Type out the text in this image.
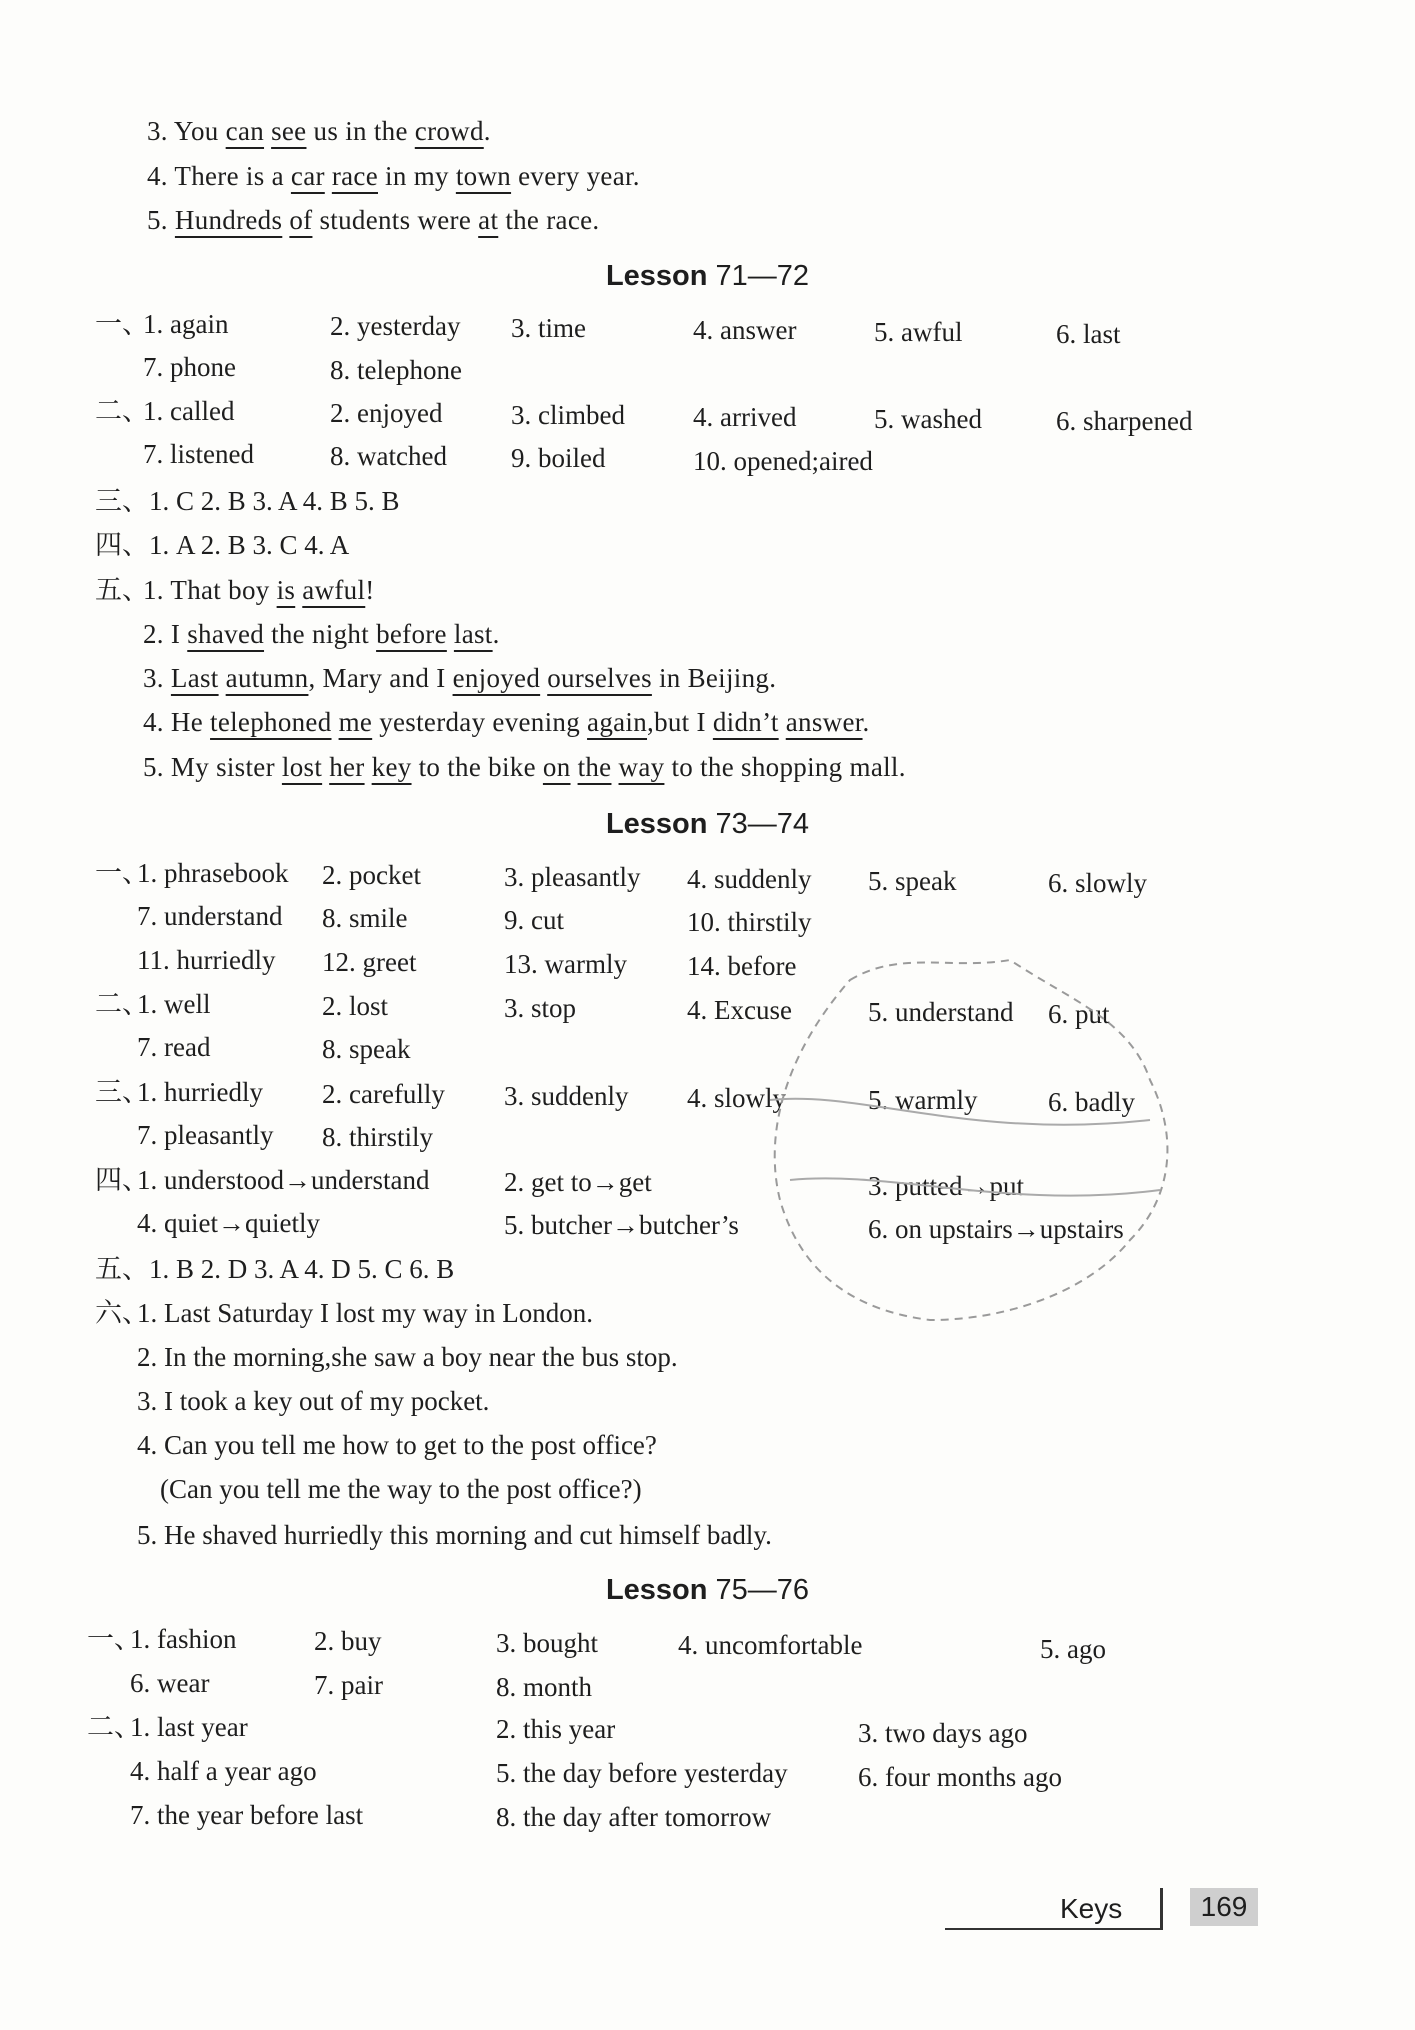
3. You can see us in the crowd.
4. There is a car race in my town every year.
5. Hundreds of students were at the race.
Lesson 71—72
一、
1. again	2. yesterday 3. time	4. answer	5. awful	6. last
7. phone	8. telephone
二、
1. called	2. enjoyed	3. climbed	4. arrived	5. washed	6. sharpened
7. listened	8. watched 9. boiled	10. opened;aired
三、1. C 2. B 3. A 4. B 5. B
四、1. A 2. B 3. C 4. A
五、
1. That boy is awful!
2. I shaved the night before last.
3. Last autumn, Mary and I enjoyed ourselves in Beijing.
4. He telephoned me yesterday evening again,but I didn’t answer.
5. My sister lost her key to the bike on the way to the shopping mall.
Lesson 73—74
一、
1. phrasebook 2. pocket	3. pleasantly 4. suddenly 5. speak	6. slowly
7. understand 8. smile	9. cut	10. thirstily
11. hurriedly 12. greet	13. warmly 14. before
二、
1. well	2. lost	3. stop	4. Excuse	5. understand 6. put
7. read	8. speak
三、
1. hurriedly 2. carefully 3. suddenly 4. slowly	5. warmly	6. badly
7. pleasantly 8. thirstily
四、
1. understood→understand	2. get to→get	3. putted→put
4. quiet→quietly	5. butcher→butcher’s	6. on upstairs→upstairs
五、1. B 2. D 3. A 4. D 5. C 6. B
六、
1. Last Saturday I lost my way in London.
2. In the morning,she saw a boy near the bus stop.
3. I took a key out of my pocket.
4. Can you tell me how to get to the post office?
(Can you tell me the way to the post office?)
5. He shaved hurriedly this morning and cut himself badly.
Lesson 75—76
一、
1. fashion	2. buy	3. bought	4. uncomfortable	5. ago
6. wear	7. pair	8. month
二、
1. last year	2. this year	3. two days ago
4. half a year ago	5. the day before yesterday	6. four months ago
7. the year before last	8. the day after tomorrow
Keys	169
